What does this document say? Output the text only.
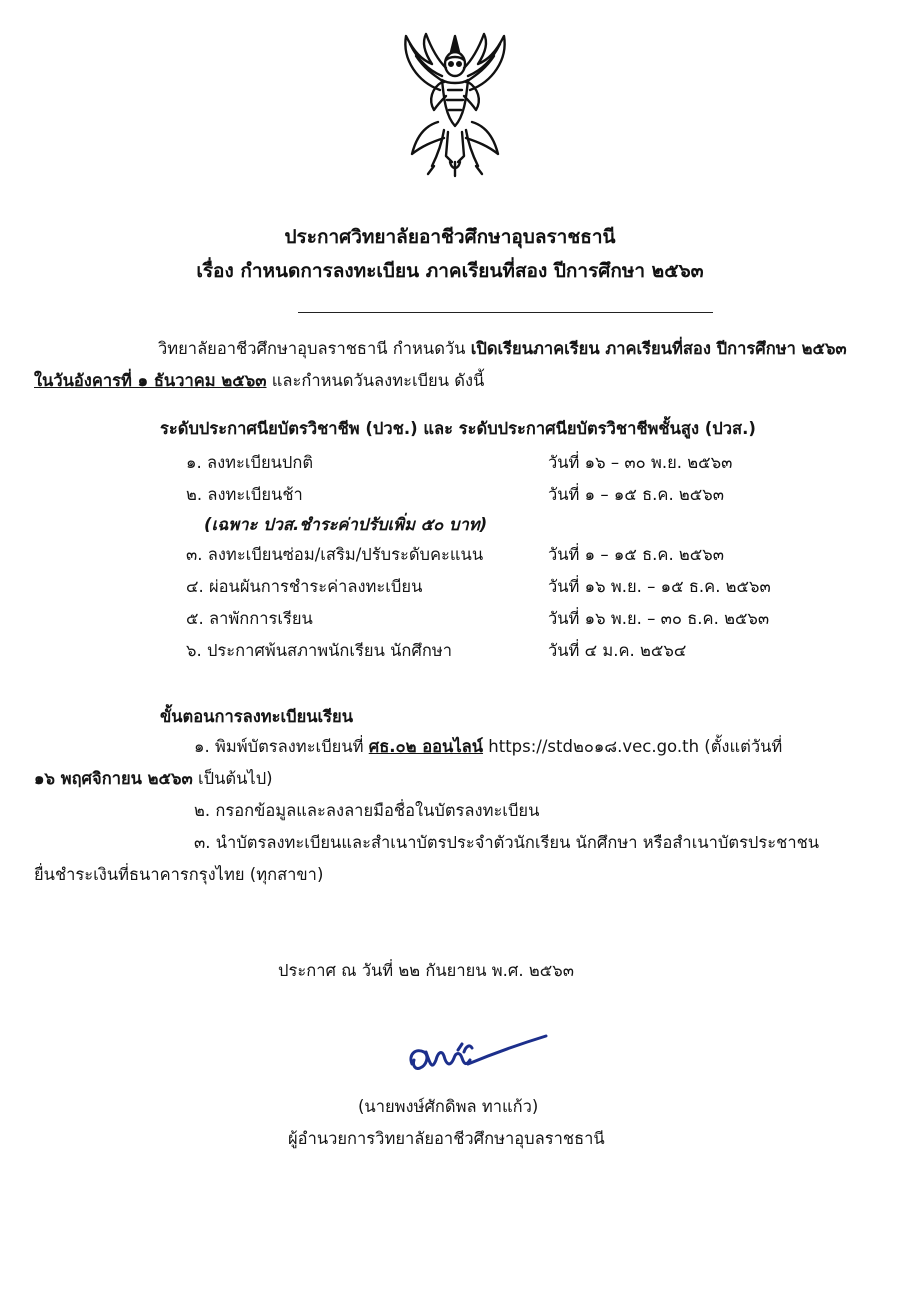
ประกาศวิทยาลัยอาชีวศึกษาอุบลราชธานี
เรื่อง กำหนดการลงทะเบียน ภาคเรียนที่สอง ปีการศึกษา ๒๕๖๓
วิทยาลัยอาชีวศึกษาอุบลราชธานี กำหนดวัน เปิดเรียนภาคเรียน ภาคเรียนที่สอง ปีการศึกษา ๒๕๖๓
ในวันอังคารที่ ๑ ธันวาคม ๒๕๖๓ และกำหนดวันลงทะเบียน ดังนี้
ระดับประกาศนียบัตรวิชาชีพ (ปวช.) และ ระดับประกาศนียบัตรวิชาชีพชั้นสูง (ปวส.)
๑. ลงทะเบียนปกติ	วันที่ ๑๖ – ๓๐ พ.ย. ๒๕๖๓
๒. ลงทะเบียนช้า	วันที่ ๑ – ๑๕ ธ.ค. ๒๕๖๓
(เฉพาะ ปวส.ชำระค่าปรับเพิ่ม ๕๐ บาท)
๓. ลงทะเบียนซ่อม/เสริม/ปรับระดับคะแนน	วันที่ ๑ – ๑๕ ธ.ค. ๒๕๖๓
๔. ผ่อนผันการชำระค่าลงทะเบียน	วันที่ ๑๖ พ.ย. – ๑๕ ธ.ค. ๒๕๖๓
๕. ลาพักการเรียน	วันที่ ๑๖ พ.ย. – ๓๐ ธ.ค. ๒๕๖๓
๖. ประกาศพ้นสภาพนักเรียน นักศึกษา	วันที่ ๔ ม.ค. ๒๕๖๔
ขั้นตอนการลงทะเบียนเรียน
๑. พิมพ์บัตรลงทะเบียนที่ ศธ.๐๒ ออนไลน์ https://std๒๐๑๘.vec.go.th (ตั้งแต่วันที่
๑๖ พฤศจิกายน ๒๕๖๓ เป็นต้นไป)
๒. กรอกข้อมูลและลงลายมือชื่อในบัตรลงทะเบียน
๓. นำบัตรลงทะเบียนและสำเนาบัตรประจำตัวนักเรียน นักศึกษา หรือสำเนาบัตรประชาชน
ยื่นชำระเงินที่ธนาคารกรุงไทย (ทุกสาขา)
ประกาศ ณ วันที่ ๒๒ กันยายน พ.ศ. ๒๕๖๓
(นายพงษ์ศักดิพล ทาแก้ว)
ผู้อำนวยการวิทยาลัยอาชีวศึกษาอุบลราชธานี
